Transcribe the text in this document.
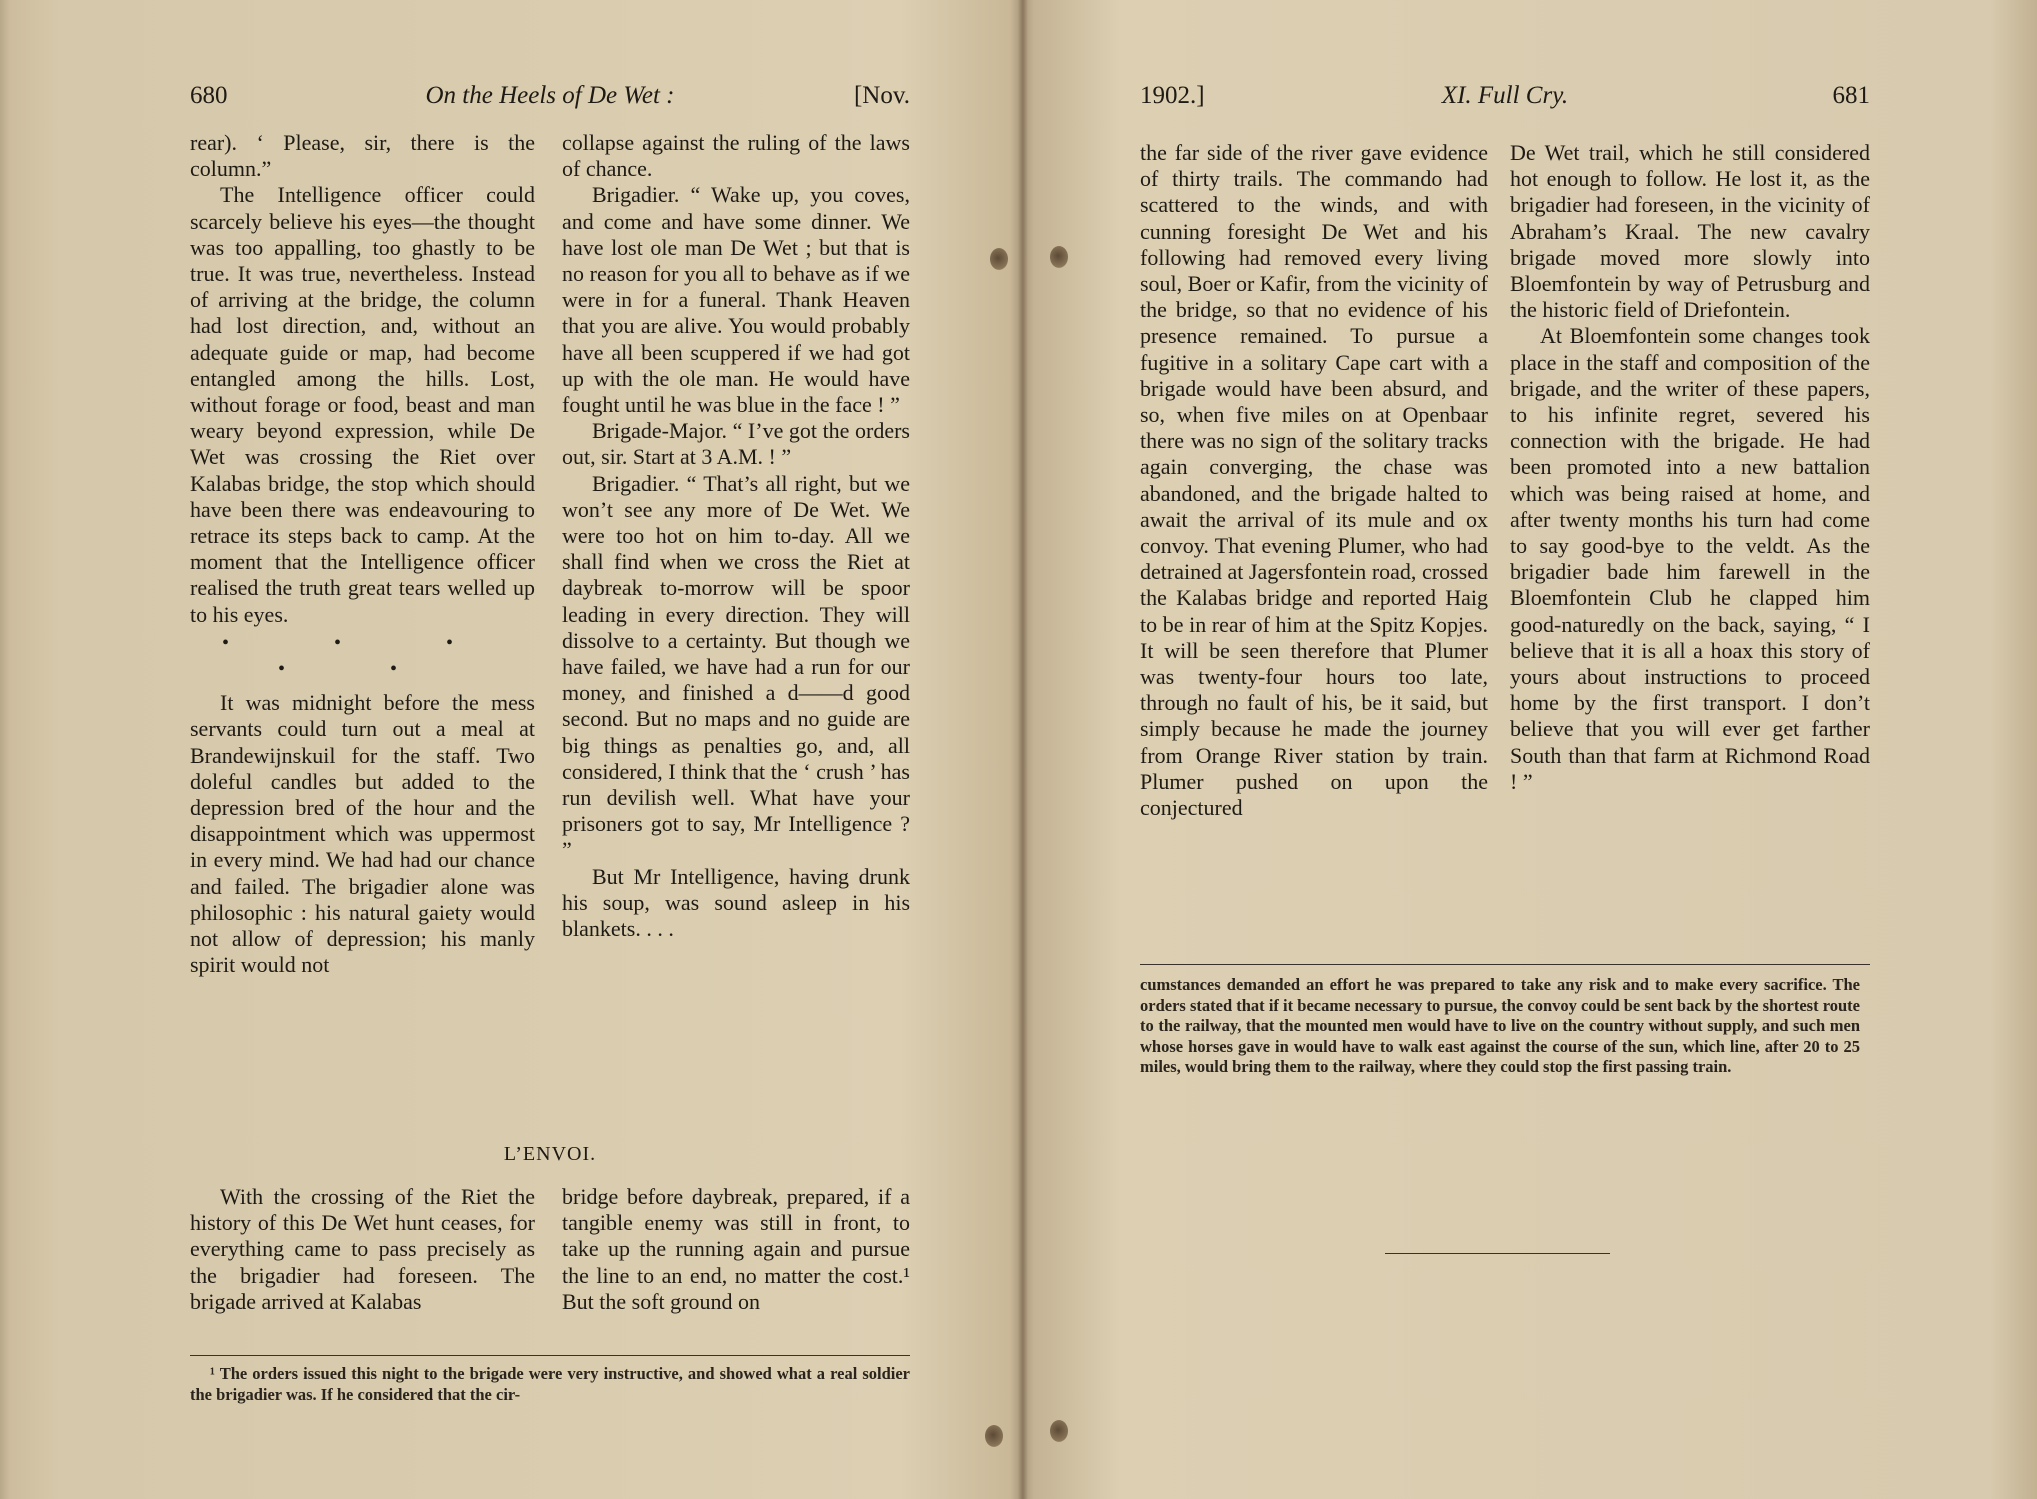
680	On the Heels of De Wet :	[Nov.

rear). ‘ Please, sir, there is the column.”

The Intelligence officer could scarcely believe his eyes—the thought was too appalling, too ghastly to be true. It was true, nevertheless. Instead of arriving at the bridge, the column had lost direction, and, without an adequate guide or map, had become entangled among the hills. Lost, without forage or food, beast and man weary beyond expression, while De Wet was crossing the Riet over Kalabas bridge, the stop which should have been there was endeavouring to retrace its steps back to camp. At the moment that the Intelligence officer realised the truth great tears welled up to his eyes.

• • • • •

It was midnight before the mess servants could turn out a meal at Brandewijnskuil for the staff. Two doleful candles but added to the depression bred of the hour and the disappointment which was uppermost in every mind. We had had our chance and failed. The brigadier alone was philosophic : his natural gaiety would not allow of depression; his manly spirit would not

collapse against the ruling of the laws of chance.

Brigadier. “ Wake up, you coves, and come and have some dinner. We have lost ole man De Wet ; but that is no reason for you all to behave as if we were in for a funeral. Thank Heaven that you are alive. You would probably have all been scuppered if we had got up with the ole man. He would have fought until he was blue in the face ! ”

Brigade-Major. “ I’ve got the orders out, sir. Start at 3 A.M. ! ”

Brigadier. “ That’s all right, but we won’t see any more of De Wet. We were too hot on him to-day. All we shall find when we cross the Riet at daybreak to-morrow will be spoor leading in every direction. They will dissolve to a certainty. But though we have failed, we have had a run for our money, and finished a d——d good second. But no maps and no guide are big things as penalties go, and, all considered, I think that the ‘ crush ’ has run devilish well. What have your prisoners got to say, Mr Intelligence ? ”

But Mr Intelligence, having drunk his soup, was sound asleep in his blankets. . . .

L’ENVOI.

With the crossing of the Riet the history of this De Wet hunt ceases, for everything came to pass precisely as the brigadier had foreseen. The brigade arrived at Kalabas

bridge before daybreak, prepared, if a tangible enemy was still in front, to take up the running again and pursue the line to an end, no matter the cost.¹ But the soft ground on

¹ The orders issued this night to the brigade were very instructive, and showed what a real soldier the brigadier was. If he considered that the cir-
1902.]	XI. Full Cry.	681

the far side of the river gave evidence of thirty trails. The commando had scattered to the winds, and with cunning foresight De Wet and his following had removed every living soul, Boer or Kafir, from the vicinity of the bridge, so that no evidence of his presence remained. To pursue a fugitive in a solitary Cape cart with a brigade would have been absurd, and so, when five miles on at Openbaar there was no sign of the solitary tracks again converging, the chase was abandoned, and the brigade halted to await the arrival of its mule and ox convoy. That evening Plumer, who had detrained at Jagersfontein road, crossed the Kalabas bridge and reported Haig to be in rear of him at the Spitz Kopjes. It will be seen therefore that Plumer was twenty-four hours too late, through no fault of his, be it said, but simply because he made the journey from Orange River station by train. Plumer pushed on upon the conjectured

De Wet trail, which he still considered hot enough to follow. He lost it, as the brigadier had foreseen, in the vicinity of Abraham’s Kraal. The new cavalry brigade moved more slowly into Bloemfontein by way of Petrusburg and the historic field of Driefontein.

At Bloemfontein some changes took place in the staff and composition of the brigade, and the writer of these papers, to his infinite regret, severed his connection with the brigade. He had been promoted into a new battalion which was being raised at home, and after twenty months his turn had come to say good-bye to the veldt. As the brigadier bade him farewell in the Bloemfontein Club he clapped him good-naturedly on the back, saying, “ I believe that it is all a hoax this story of yours about instructions to proceed home by the first transport. I don’t believe that you will ever get farther South than that farm at Richmond Road ! ”

cumstances demanded an effort he was prepared to take any risk and to make every sacrifice. The orders stated that if it became necessary to pursue, the convoy could be sent back by the shortest route to the railway, that the mounted men would have to live on the country without supply, and such men whose horses gave in would have to walk east against the course of the sun, which line, after 20 to 25 miles, would bring them to the railway, where they could stop the first passing train.
